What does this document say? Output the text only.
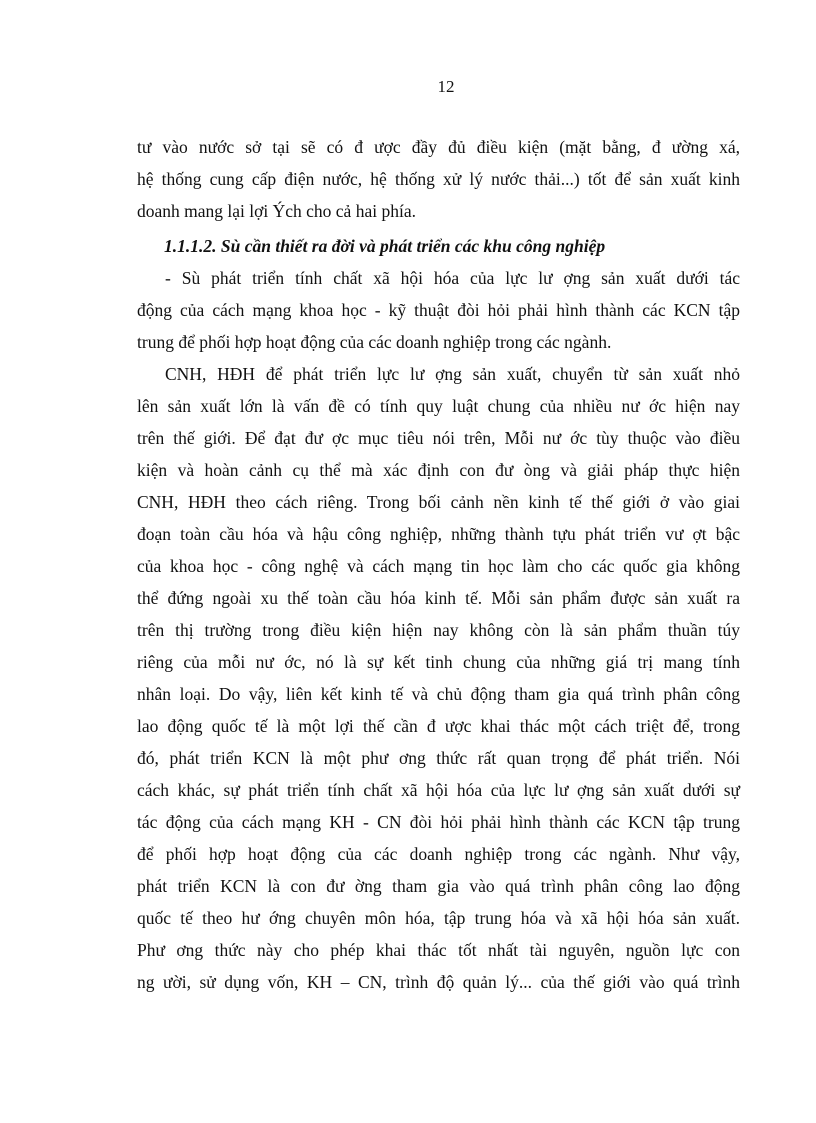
12
tư vào nước sở tại sẽ có đ ược đầy đủ điều kiện (mặt bằng, đ ường xá,
hệ thống cung cấp điện nước, hệ thống xử lý nước thải...) tốt để sản xuất kinh
doanh mang lại lợi Ých cho cả hai phía.
1.1.1.2. Sù cần thiết ra đời và phát triển các khu công nghiệp
- Sù phát triển tính chất xã hội hóa của lực lư ợng sản xuất dưới tác
động của cách mạng khoa học - kỹ thuật đòi hỏi phải hình thành các KCN tập
trung để phối hợp hoạt động của các doanh nghiệp trong các ngành.
CNH, HĐH để phát triển lực lư ợng sản xuất, chuyển từ sản xuất nhỏ
lên sản xuất lớn là vấn đề có tính quy luật chung của nhiều nư ớc hiện nay
trên thế giới. Để đạt đư ợc mục tiêu nói trên, Mỗi nư ớc tùy thuộc vào điều
kiện và hoàn cảnh cụ thể mà xác định con đư òng và giải pháp thực hiện
CNH, HĐH theo cách riêng. Trong bối cảnh nền kinh tế thế giới ở vào giai
đoạn toàn cầu hóa và hậu công nghiệp, những thành tựu phát triển vư ợt bậc
của khoa học - công nghệ và cách mạng tin học làm cho các quốc gia không
thể đứng ngoài xu thế toàn cầu hóa kinh tế. Mỗi sản phẩm được sản xuất ra
trên thị trường trong điều kiện hiện nay không còn là sản phẩm thuần túy
riêng của mỗi nư ớc, nó là sự kết tinh chung của những giá trị mang tính
nhân loại. Do vậy, liên kết kinh tế và chủ động tham gia quá trình phân công
lao động quốc tế là một lợi thế cần đ ược khai thác một cách triệt để, trong
đó, phát triển KCN là một phư ơng thức rất quan trọng để phát triển. Nói
cách khác, sự phát triển tính chất xã hội hóa của lực lư ợng sản xuất dưới sự
tác động của cách mạng KH - CN đòi hỏi phải hình thành các KCN tập trung
để phối hợp hoạt động của các doanh nghiệp trong các ngành. Như vậy,
phát triển KCN là con đư ờng tham gia vào quá trình phân công lao động
quốc tế theo hư ớng chuyên môn hóa, tập trung hóa và xã hội hóa sản xuất.
Phư ơng thức này cho phép khai thác tốt nhất tài nguyên, nguồn lực con
ng ười, sử dụng vốn, KH – CN, trình độ quản lý... của thế giới vào quá trình
